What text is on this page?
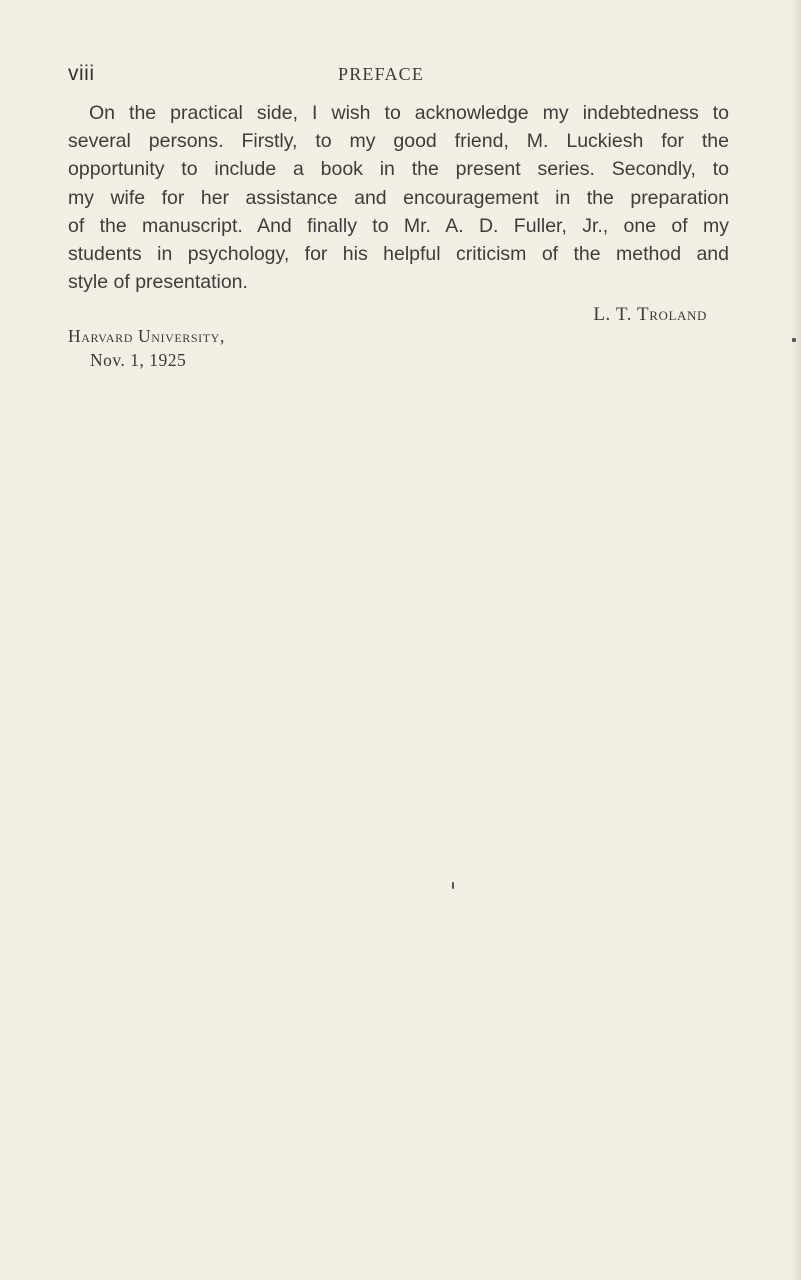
viii	PREFACE
On the practical side, I wish to acknowledge my indebtedness to
several persons. Firstly, to my good friend, M. Luckiesh for the
opportunity to include a book in the present series. Secondly, to
my wife for her assistance and encouragement in the preparation
of the manuscript. And finally to Mr. A. D. Fuller, Jr., one of my
students in psychology, for his helpful criticism of the method and
style of presentation.
L. T. Troland
Harvard University,
Nov. 1, 1925
